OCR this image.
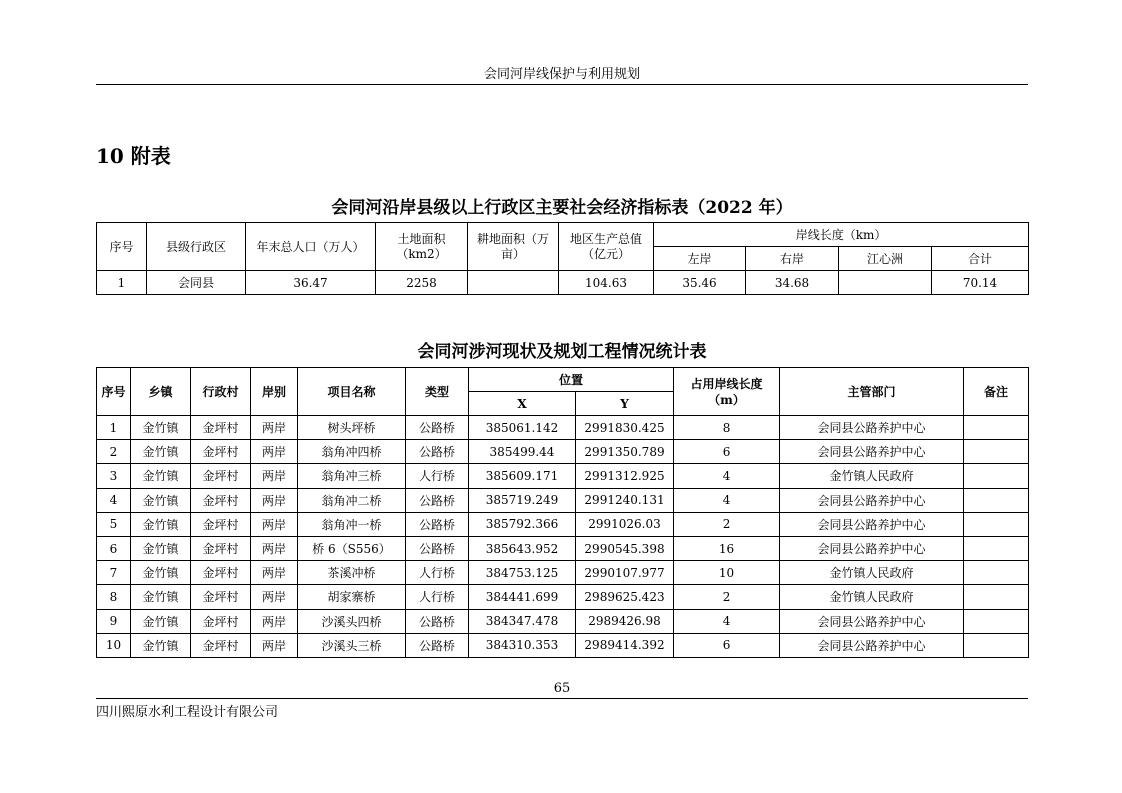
会同河岸线保护与利用规划
10 附表
会同河沿岸县级以上行政区主要社会经济指标表（2022 年）
序号	县级行政区	年末总人口（万人）	土地面积（km2）	耕地面积（万亩）	地区生产总值（亿元）	岸线长度（km）			
						左岸	右岸	江心洲	合计
1	会同县	36.47	2258		104.63	35.46	34.68		70.14
会同河涉河现状及规划工程情况统计表
序号	乡镇	行政村	岸别	项目名称	类型	位置		占用岸线长度（m）	主管部门	备注
						X	Y			
1	金竹镇	金坪村	两岸	树头坪桥	公路桥	385061.142	2991830.425	8	会同县公路养护中心	
2	金竹镇	金坪村	两岸	翁角冲四桥	公路桥	385499.44	2991350.789	6	会同县公路养护中心	
3	金竹镇	金坪村	两岸	翁角冲三桥	人行桥	385609.171	2991312.925	4	金竹镇人民政府	
4	金竹镇	金坪村	两岸	翁角冲二桥	公路桥	385719.249	2991240.131	4	会同县公路养护中心	
5	金竹镇	金坪村	两岸	翁角冲一桥	公路桥	385792.366	2991026.03	2	会同县公路养护中心	
6	金竹镇	金坪村	两岸	桥 6（S556）	公路桥	385643.952	2990545.398	16	会同县公路养护中心	
7	金竹镇	金坪村	两岸	茶溪冲桥	人行桥	384753.125	2990107.977	10	金竹镇人民政府	
8	金竹镇	金坪村	两岸	胡家寨桥	人行桥	384441.699	2989625.423	2	金竹镇人民政府	
9	金竹镇	金坪村	两岸	沙溪头四桥	公路桥	384347.478	2989426.98	4	会同县公路养护中心	
10	金竹镇	金坪村	两岸	沙溪头三桥	公路桥	384310.353	2989414.392	6	会同县公路养护中心	
65
四川熙原水利工程设计有限公司
